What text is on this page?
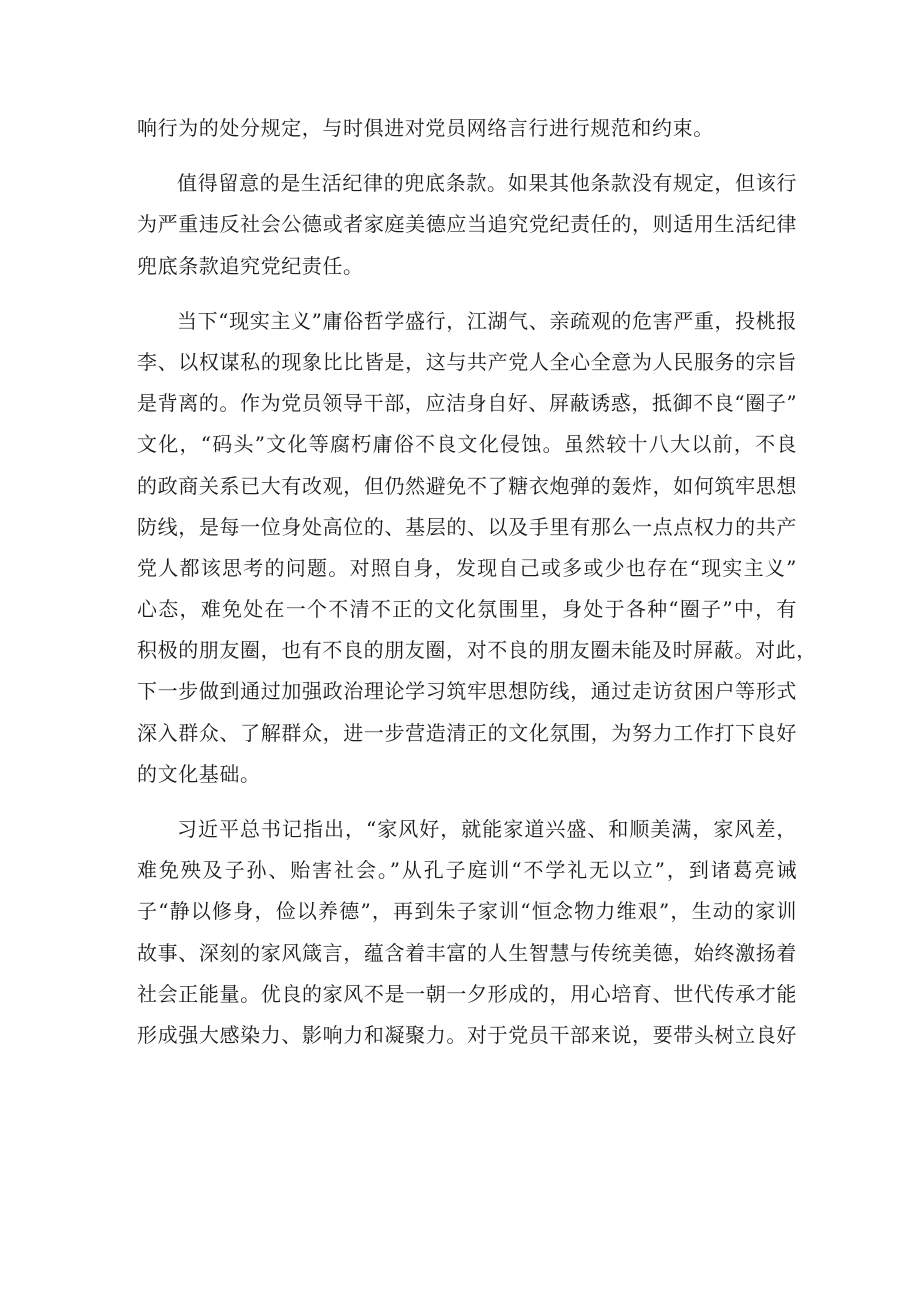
响行为的处分规定，与时俱进对党员网络言行进行规范和约束。
值得留意的是生活纪律的兜底条款。如果其他条款没有规定，但该行
为严重违反社会公德或者家庭美德应当追究党纪责任的，则适用生活纪律
兜底条款追究党纪责任。
当下“现实主义”庸俗哲学盛行，江湖气、亲疏观的危害严重，投桃报
李、以权谋私的现象比比皆是，这与共产党人全心全意为人民服务的宗旨
是背离的。作为党员领导干部，应洁身自好、屏蔽诱惑，抵御不良“圈子”
文化，“码头”文化等腐朽庸俗不良文化侵蚀。虽然较十八大以前，不良
的政商关系已大有改观，但仍然避免不了糖衣炮弹的轰炸，如何筑牢思想
防线，是每一位身处高位的、基层的、以及手里有那么一点点权力的共产
党人都该思考的问题。对照自身，发现自己或多或少也存在“现实主义”
心态，难免处在一个不清不正的文化氛围里，身处于各种“圈子”中，有
积极的朋友圈，也有不良的朋友圈，对不良的朋友圈未能及时屏蔽。对此，
下一步做到通过加强政治理论学习筑牢思想防线，通过走访贫困户等形式
深入群众、了解群众，进一步营造清正的文化氛围，为努力工作打下良好
的文化基础。
习近平总书记指出，“家风好，就能家道兴盛、和顺美满，家风差，
难免殃及子孙、贻害社会。”从孔子庭训“不学礼无以立”，到诸葛亮诫
子“静以修身，俭以养德”，再到朱子家训“恒念物力维艰”，生动的家训
故事、深刻的家风箴言，蕴含着丰富的人生智慧与传统美德，始终激扬着
社会正能量。优良的家风不是一朝一夕形成的，用心培育、世代传承才能
形成强大感染力、影响力和凝聚力。对于党员干部来说，要带头树立良好
